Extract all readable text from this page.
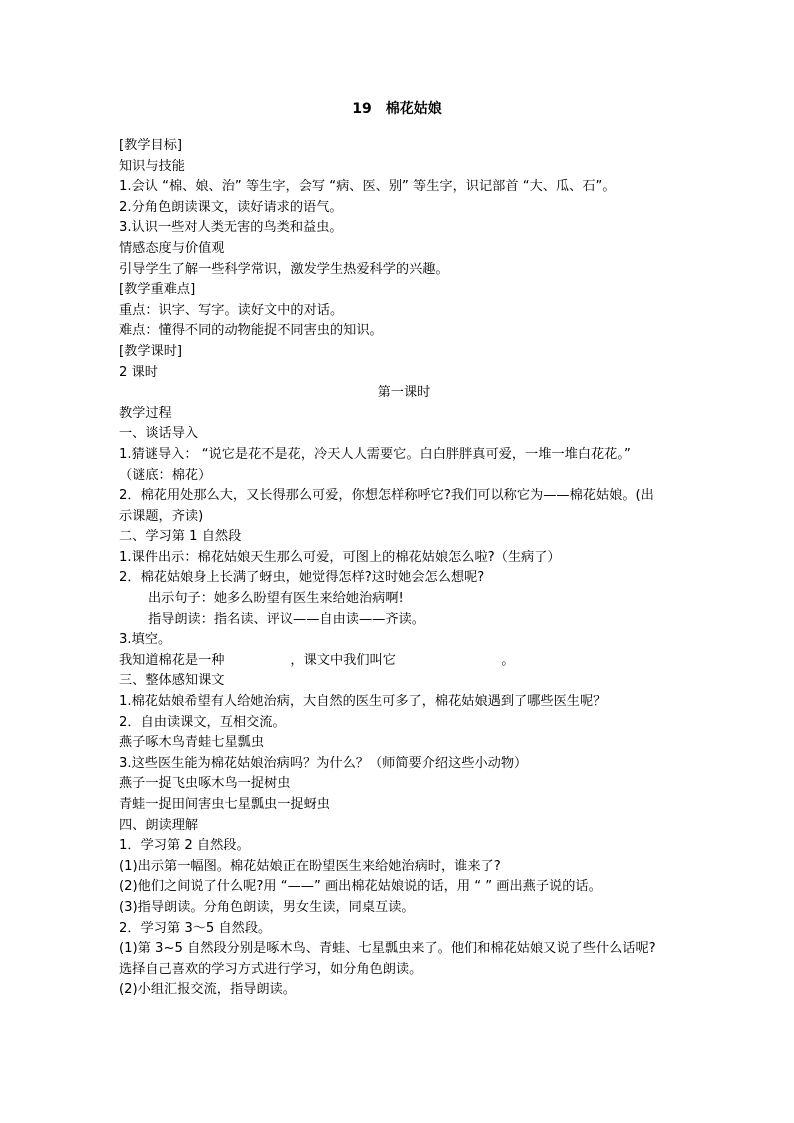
19 棉花姑娘
[教学目标]
知识与技能
1.会认 “棉、娘、治” 等生字，会写 “病、医、别” 等生字，识记部首 “大、瓜、石”。
2.分角色朗读课文，读好请求的语气。
3.认识一些对人类无害的鸟类和益虫。
情感态度与价值观
引导学生了解一些科学常识，激发学生热爱科学的兴趣。
[教学重难点]
重点：识字、写字。读好文中的对话。
难点：懂得不同的动物能捉不同害虫的知识。
[教学课时]
2 课时
第一课时
教学过程
一、谈话导入
1.猜谜导入： “说它是花不是花，冷天人人需要它。白白胖胖真可爱，一堆一堆白花花。”
（谜底：棉花）
2．棉花用处那么大，又长得那么可爱，你想怎样称呼它?我们可以称它为——棉花姑娘。(出
示课题，齐读)
二、学习第 1 自然段
1.课件出示：棉花姑娘天生那么可爱，可图上的棉花姑娘怎么啦?（生病了）
2．棉花姑娘身上长满了蚜虫，她觉得怎样?这时她会怎么想呢?
出示句子：她多么盼望有医生来给她治病啊!
指导朗读：指名读、评议——自由读——齐读。
3.填空。
我知道棉花是一种　　　　　，课文中我们叫它　　　　　　　　。
三、整体感知课文
1.棉花姑娘希望有人给她治病，大自然的医生可多了，棉花姑娘遇到了哪些医生呢？
2．自由读课文，互相交流。
燕子啄木鸟青蛙七星瓢虫
3.这些医生能为棉花姑娘治病吗？为什么？（师简要介绍这些小动物）
燕子一捉飞虫啄木鸟一捉树虫
青蛙一捉田间害虫七星瓢虫一捉蚜虫
四、朗读理解
1．学习第 2 自然段。
(1)出示第一幅图。棉花姑娘正在盼望医生来给她治病时，谁来了?
(2)他们之间说了什么呢?用 “——” 画出棉花姑娘说的话，用 “ ” 画出燕子说的话。
(3)指导朗读。分角色朗读，男女生读，同桌互读。
2．学习第 3～5 自然段。
(1)第 3~5 自然段分别是啄木鸟、青蛙、七星瓢虫来了。他们和棉花姑娘又说了些什么话呢?
选择自己喜欢的学习方式进行学习，如分角色朗读。
(2)小组汇报交流，指导朗读。
